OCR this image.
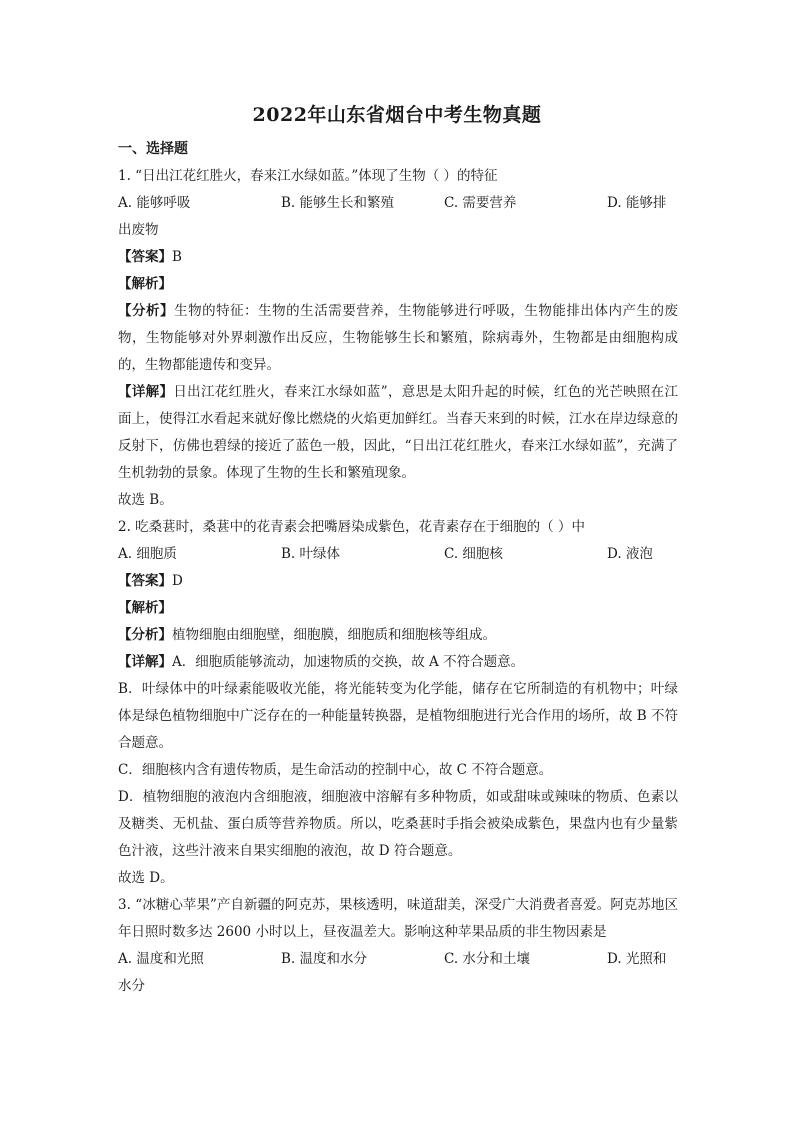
2022年山东省烟台中考生物真题

一、选择题

1. “日出江花红胜火，春来江水绿如蓝。”体现了生物（ ）的特征

A. 能够呼吸	B. 能够生长和繁殖	C. 需要营养	D. 能够排

出废物

【答案】B

【解析】

【分析】生物的特征：生物的生活需要营养，生物能够进行呼吸，生物能排出体内产生的废物，生物能够对外界刺激作出反应，生物能够生长和繁殖，除病毒外，生物都是由细胞构成的，生物都能遗传和变异。

【详解】日出江花红胜火，春来江水绿如蓝”，意思是太阳升起的时候，红色的光芒映照在江面上，使得江水看起来就好像比燃烧的火焰更加鲜红。当春天来到的时候，江水在岸边绿意的反射下，仿佛也碧绿的接近了蓝色一般，因此，“日出江花红胜火，春来江水绿如蓝”，充满了生机勃勃的景象。体现了生物的生长和繁殖现象。

故选 B。

2. 吃桑葚时，桑葚中的花青素会把嘴唇染成紫色，花青素存在于细胞的（ ）中

A. 细胞质	B. 叶绿体	C. 细胞核	D. 液泡

【答案】D

【解析】

【分析】植物细胞由细胞壁，细胞膜，细胞质和细胞核等组成。

【详解】A．细胞质能够流动，加速物质的交换，故 A 不符合题意。

B．叶绿体中的叶绿素能吸收光能，将光能转变为化学能，储存在它所制造的有机物中；叶绿体是绿色植物细胞中广泛存在的一种能量转换器，是植物细胞进行光合作用的场所，故 B 不符合题意。

C．细胞核内含有遗传物质，是生命活动的控制中心，故 C 不符合题意。

D．植物细胞的液泡内含细胞液，细胞液中溶解有多种物质，如或甜味或辣味的物质、色素以及糖类、无机盐、蛋白质等营养物质。所以，吃桑葚时手指会被染成紫色，果盘内也有少量紫色汁液，这些汁液来自果实细胞的液泡，故 D 符合题意。

故选 D。

3. “冰糖心苹果”产自新疆的阿克苏，果核透明，味道甜美，深受广大消费者喜爱。阿克苏地区年日照时数多达 2600 小时以上，昼夜温差大。影响这种苹果品质的非生物因素是

A. 温度和光照	B. 温度和水分	C. 水分和土壤	D. 光照和

水分
